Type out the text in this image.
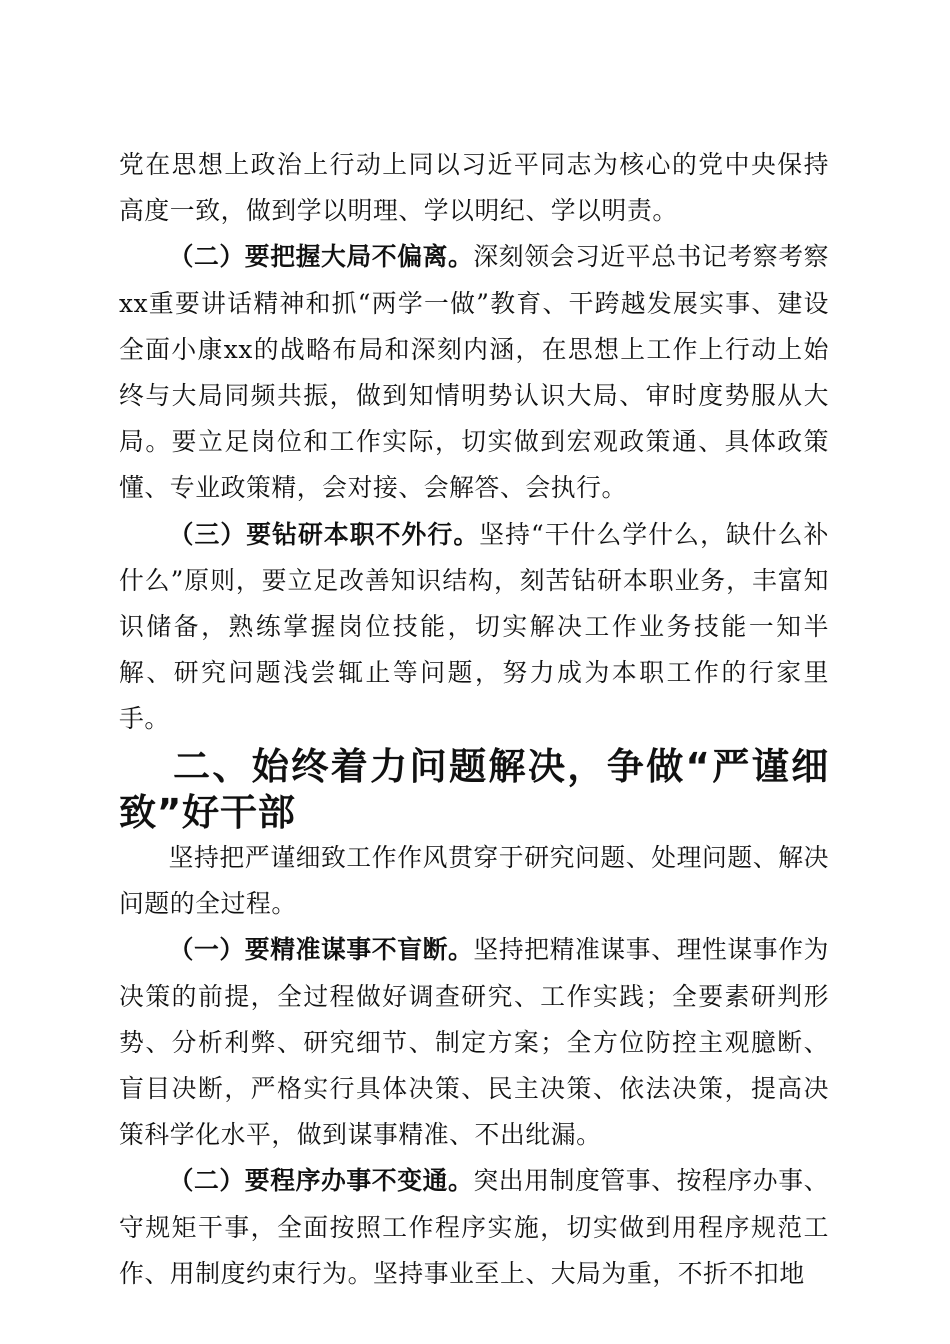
党在思想上政治上行动上同以习近平同志为核心的党中央保持高度一致，做到学以明理、学以明纪、学以明责。

（二）要把握大局不偏离。深刻领会习近平总书记考察考察xx重要讲话精神和抓“两学一做”教育、干跨越发展实事、建设全面小康xx的战略布局和深刻内涵，在思想上工作上行动上始终与大局同频共振，做到知情明势认识大局、审时度势服从大局。要立足岗位和工作实际，切实做到宏观政策通、具体政策懂、专业政策精，会对接、会解答、会执行。

（三）要钻研本职不外行。坚持“干什么学什么，缺什么补什么”原则，要立足改善知识结构，刻苦钻研本职业务，丰富知识储备，熟练掌握岗位技能，切实解决工作业务技能一知半解、研究问题浅尝辄止等问题，努力成为本职工作的行家里手。

二、始终着力问题解决，争做“严谨细致”好干部

坚持把严谨细致工作作风贯穿于研究问题、处理问题、解决问题的全过程。

（一）要精准谋事不盲断。坚持把精准谋事、理性谋事作为决策的前提，全过程做好调查研究、工作实践；全要素研判形势、分析利弊、研究细节、制定方案；全方位防控主观臆断、盲目决断，严格实行具体决策、民主决策、依法决策，提高决策科学化水平，做到谋事精准、不出纰漏。

（二）要程序办事不变通。突出用制度管事、按程序办事、守规矩干事，全面按照工作程序实施，切实做到用程序规范工作、用制度约束行为。坚持事业至上、大局为重，不折不扣地
